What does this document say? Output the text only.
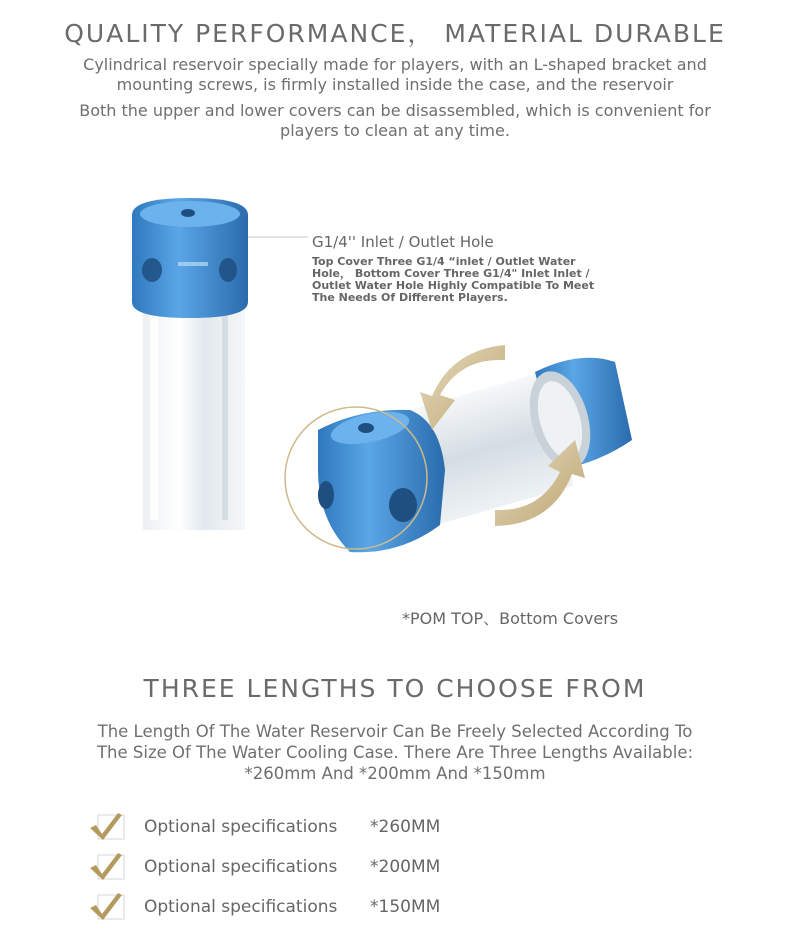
QUALITY PERFORMANCE， MATERIAL DURABLE

Cylindrical reservoir specially made for players, with an L-shaped bracket and

mounting screws, is firmly installed inside the case, and the reservoir

Both the upper and lower covers can be disassembled, which is convenient for

players to clean at any time.

G1/4'' Inlet / Outlet Hole
Top Cover Three G1/4 “inlet / Outlet Water
Hole， Bottom Cover Three G1/4" Inlet Inlet /
Outlet Water Hole Highly Compatible To Meet
The Needs Of Different Players.
*POM TOP、Bottom Covers
THREE LENGTHS TO CHOOSE FROM

The Length Of The Water Reservoir Can Be Freely Selected According To

The Size Of The Water Cooling Case. There Are Three Lengths Available:

*260mm And *200mm And *150mm

Optional specifications	*260MM
Optional specifications	*200MM
Optional specifications	*150MM
